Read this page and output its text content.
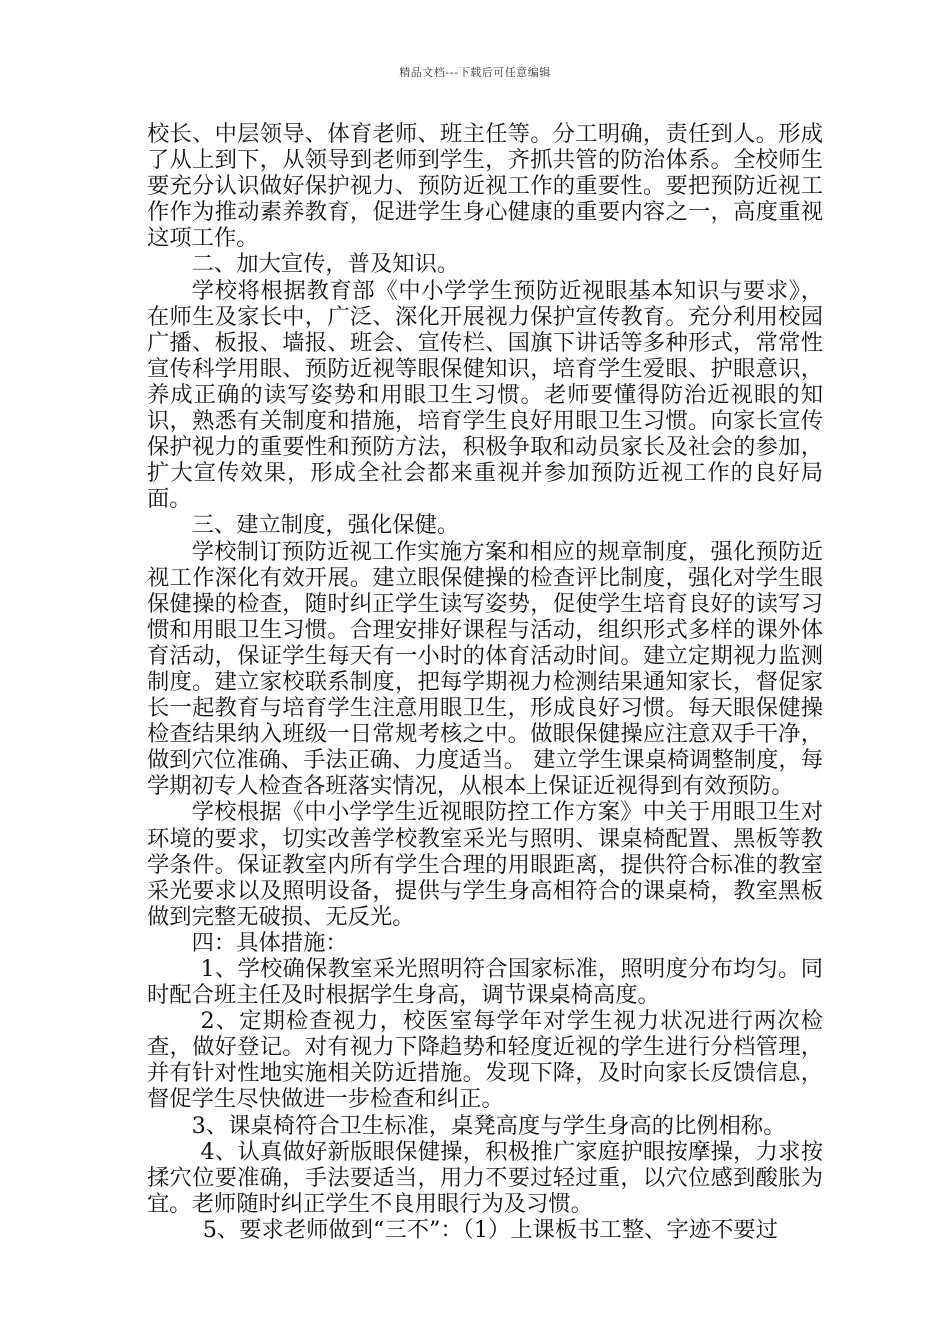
精品文档---下载后可任意编辑

校长、中层领导、体育老师、班主任等。分工明确，责任到人。形成了从上到下，从领导到老师到学生，齐抓共管的防治体系。全校师生要充分认识做好保护视力、预防近视工作的重要性。要把预防近视工作作为推动素养教育，促进学生身心健康的重要内容之一，高度重视这项工作。

二、加大宣传，普及知识。

学校将根据教育部《中小学学生预防近视眼基本知识与要求》，在师生及家长中，广泛、深化开展视力保护宣传教育。充分利用校园广播、板报、墙报、班会、宣传栏、国旗下讲话等多种形式，常常性宣传科学用眼、预防近视等眼保健知识，培育学生爱眼、护眼意识，养成正确的读写姿势和用眼卫生习惯。老师要懂得防治近视眼的知识，熟悉有关制度和措施，培育学生良好用眼卫生习惯。向家长宣传保护视力的重要性和预防方法，积极争取和动员家长及社会的参加，扩大宣传效果，形成全社会都来重视并参加预防近视工作的良好局面。

三、建立制度，强化保健。

学校制订预防近视工作实施方案和相应的规章制度，强化预防近视工作深化有效开展。建立眼保健操的检查评比制度，强化对学生眼保健操的检查，随时纠正学生读写姿势，促使学生培育良好的读写习惯和用眼卫生习惯。合理安排好课程与活动，组织形式多样的课外体育活动，保证学生每天有一小时的体育活动时间。建立定期视力监测制度。建立家校联系制度，把每学期视力检测结果通知家长，督促家长一起教育与培育学生注意用眼卫生，形成良好习惯。每天眼保健操检查结果纳入班级一日常规考核之中。做眼保健操应注意双手干净，做到穴位准确、手法正确、力度适当。 建立学生课桌椅调整制度，每学期初专人检查各班落实情况，从根本上保证近视得到有效预防。

学校根据《中小学学生近视眼防控工作方案》中关于用眼卫生对环境的要求，切实改善学校教室采光与照明、课桌椅配置、黑板等教学条件。保证教室内所有学生合理的用眼距离，提供符合标准的教室采光要求以及照明设备，提供与学生身高相符合的课桌椅，教室黑板做到完整无破损、无反光。

四：具体措施：

1、学校确保教室采光照明符合国家标准，照明度分布均匀。同时配合班主任及时根据学生身高，调节课桌椅高度。

2、定期检查视力，校医室每学年对学生视力状况进行两次检查，做好登记。对有视力下降趋势和轻度近视的学生进行分档管理，并有针对性地实施相关防近措施。发现下降，及时向家长反馈信息，督促学生尽快做进一步检查和纠正。

3、课桌椅符合卫生标准，桌凳高度与学生身高的比例相称。

4、认真做好新版眼保健操，积极推广家庭护眼按摩操，力求按揉穴位要准确，手法要适当，用力不要过轻过重，以穴位感到酸胀为宜。老师随时纠正学生不良用眼行为及习惯。

5、要求老师做到“三不”：（1）上课板书工整、字迹不要过
